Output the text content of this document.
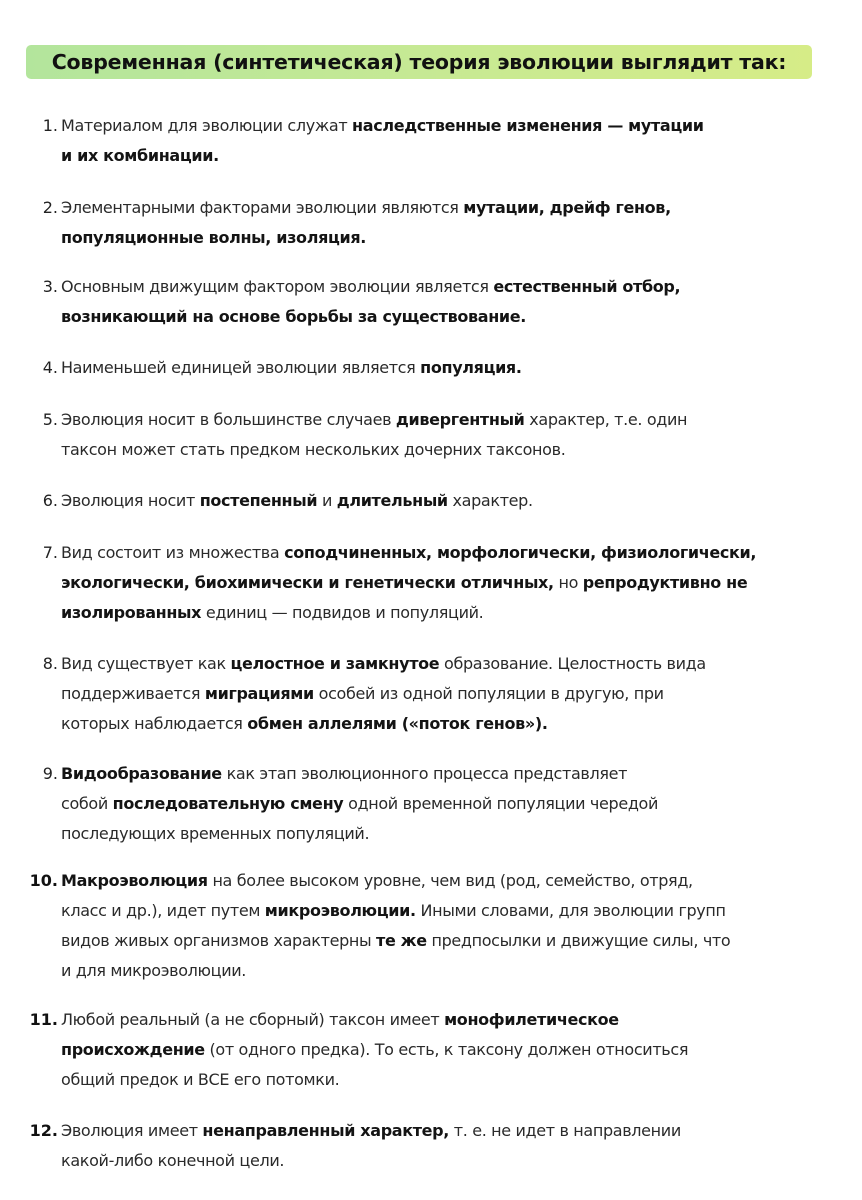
Современная (синтетическая) теория эволюции выглядит так:
1. Материалом для эволюции служат наследственные изменения — мутации
и их комбинации.
2. Элементарными факторами эволюции являются мутации, дрейф генов,
популяционные волны, изоляция.
3. Основным движущим фактором эволюции является естественный отбор,
возникающий на основе борьбы за существование.
4. Наименьшей единицей эволюции является популяция.
5. Эволюция носит в большинстве случаев дивергентный характер, т.е. один
таксон может стать предком нескольких дочерних таксонов.
6. Эволюция носит постепенный и длительный характер.
7. Вид состоит из множества соподчиненных, морфологически, физиологически,
экологически, биохимически и генетически отличных, но репродуктивно не
изолированных единиц — подвидов и популяций.
8. Вид существует как целостное и замкнутое образование. Целостность вида
поддерживается миграциями особей из одной популяции в другую, при
которых наблюдается обмен аллелями («поток генов»).
9. Видообразование как этап эволюционного процесса представляет
собой последовательную смену одной временной популяции чередой
последующих временных популяций.
10. Макроэволюция на более высоком уровне, чем вид (род, семейство, отряд,
класс и др.), идет путем микроэволюции. Иными словами, для эволюции групп
видов живых организмов характерны те же предпосылки и движущие силы, что
и для микроэволюции.
11. Любой реальный (а не сборный) таксон имеет монофилетическое
происхождение (от одного предка). То есть, к таксону должен относиться
общий предок и ВСЕ его потомки.
12. Эволюция имеет ненаправленный характер, т. е. не идет в направлении
какой-либо конечной цели.
